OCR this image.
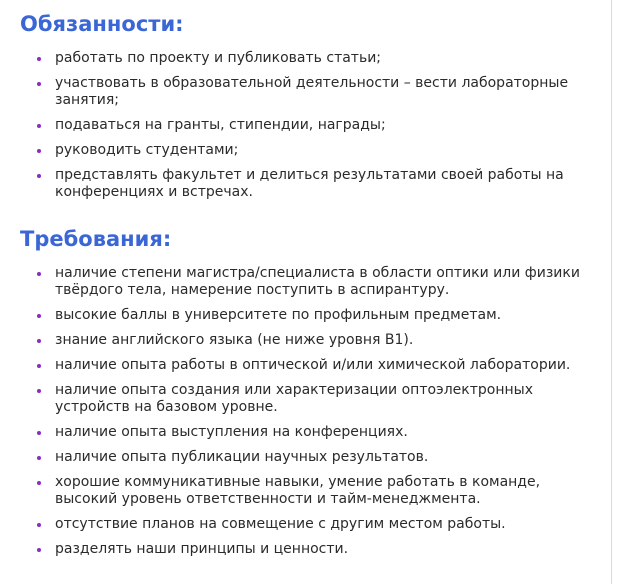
Обязанности:
работать по проекту и публиковать статьи;
участвовать в образовательной деятельности – вести лабораторные занятия;
подаваться на гранты, стипендии, награды;
руководить студентами;
представлять факультет и делиться результатами своей работы на конференциях и встречах.
Требования:
наличие степени магистра/специалиста в области оптики или физики твёрдого тела, намерение поступить в аспирантуру.
высокие баллы в университете по профильным предметам.
знание английского языка (не ниже уровня B1).
наличие опыта работы в оптической и/или химической лаборатории.
наличие опыта создания или характеризации оптоэлектронных устройств на базовом уровне.
наличие опыта выступления на конференциях.
наличие опыта публикации научных результатов.
хорошие коммуникативные навыки, умение работать в команде, высокий уровень ответственности и тайм-менеджмента.
отсутствие планов на совмещение с другим местом работы.
разделять наши принципы и ценности.
